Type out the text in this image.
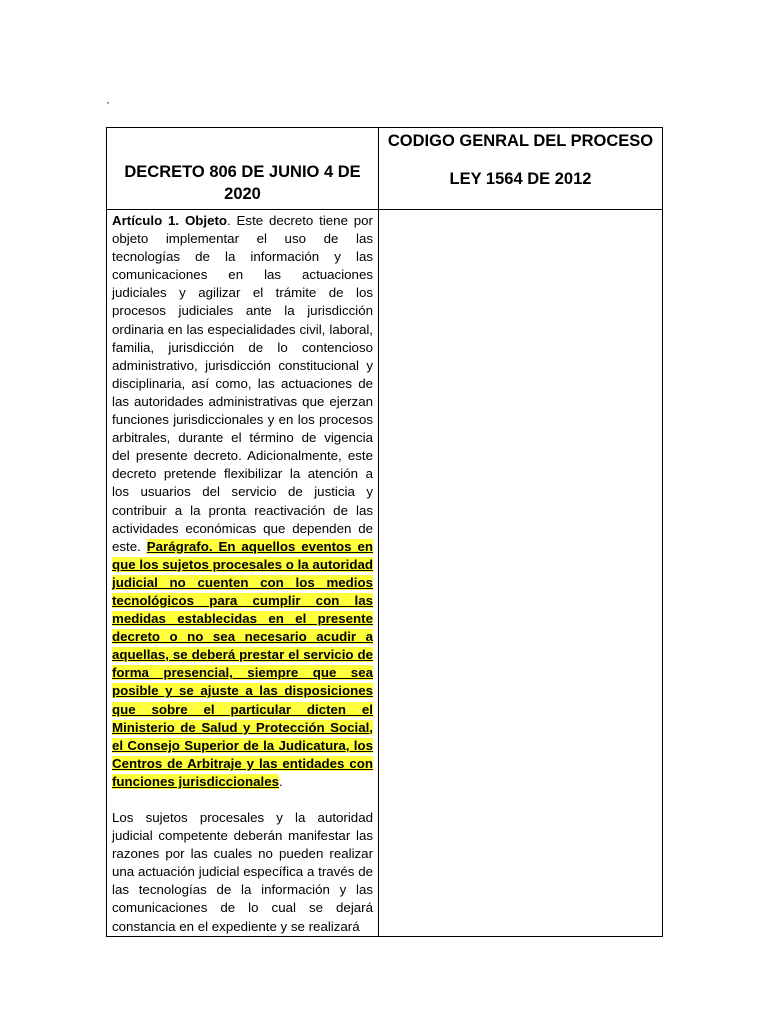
·
DECRETO 806 DE JUNIO 4 DE 2020	CODIGO GENRAL DEL PROCESO
LEY 1564 DE 2012

Artículo 1. Objeto. Este decreto tiene por objeto implementar el uso de las tecnologías de la información y las comunicaciones en las actuaciones judiciales y agilizar el trámite de los procesos judiciales ante la jurisdicción ordinaria en las especialidades civil, laboral, familia, jurisdicción de lo contencioso administrativo, jurisdicción constitucional y disciplinaria, así como, las actuaciones de las autoridades administrativas que ejerzan funciones jurisdiccionales y en los procesos arbitrales, durante el término de vigencia del presente decreto. Adicionalmente, este decreto pretende flexibilizar la atención a los usuarios del servicio de justicia y contribuir a la pronta reactivación de las actividades económicas que dependen de este. Parágrafo. En aquellos eventos en que los sujetos procesales o la autoridad judicial no cuenten con los medios tecnológicos para cumplir con las medidas establecidas en el presente decreto o no sea necesario acudir a aquellas, se deberá prestar el servicio de forma presencial, siempre que sea posible y se ajuste a las disposiciones que sobre el particular dicten el Ministerio de Salud y Protección Social, el Consejo Superior de la Judicatura, los Centros de Arbitraje y las entidades con funciones jurisdiccionales.

Los sujetos procesales y la autoridad judicial competente deberán manifestar las razones por las cuales no pueden realizar una actuación judicial específica a través de las tecnologías de la información y las comunicaciones de lo cual se dejará constancia en el expediente y se realizará	
